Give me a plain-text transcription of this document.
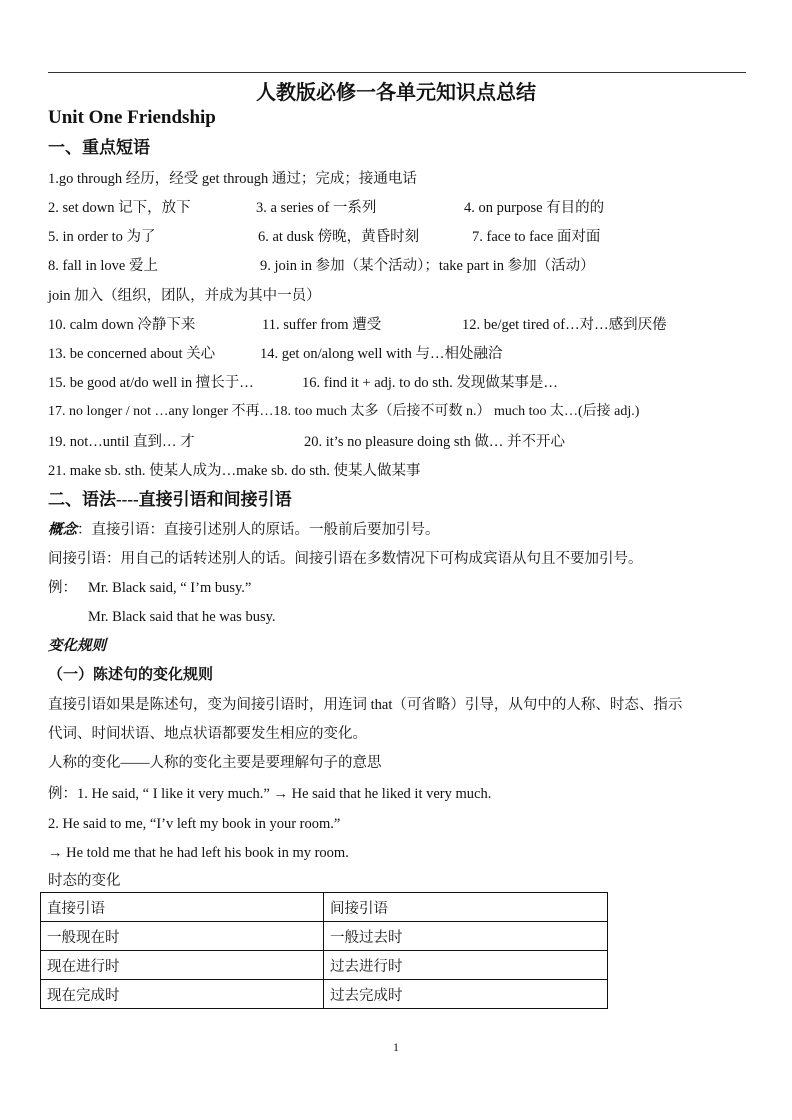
人教版必修一各单元知识点总结
Unit One Friendship
一、重点短语
1.go through 经历，经受 get through 通过；完成；接通电话
2. set down 记下，放下	3. a series of 一系列	4. on purpose 有目的的
5. in order to 为了	6. at dusk 傍晚，黄昏时刻	7. face to face 面对面
8. fall in love 爱上	9. join in 参加（某个活动）；take part in 参加（活动）
join 加入（组织，团队，并成为其中一员）
10. calm down 冷静下来	11. suffer from 遭受	12. be/get tired of…对…感到厌倦
13. be concerned about 关心	14. get on/along well with 与…相处融洽
15. be good at/do well in 擅长于…	16. find it + adj. to do sth. 发现做某事是…
17. no longer / not …any longer 不再…18. too much 太多（后接不可数 n.） much too 太…(后接 adj.)
19. not…until 直到… 才	20. it’s no pleasure doing sth 做… 并不开心
21. make sb. sth. 使某人成为…make sb. do sth. 使某人做某事
二、语法----直接引语和间接引语
概念：直接引语：直接引述别人的原话。一般前后要加引号。
间接引语：用自己的话转述别人的话。间接引语在多数情况下可构成宾语从句且不要加引号。
例： Mr. Black said, “ I’m busy.”
Mr. Black said that he was busy.
变化规则
（一）陈述句的变化规则
直接引语如果是陈述句，变为间接引语时，用连词 that（可省略）引导，从句中的人称、时态、指示
代词、时间状语、地点状语都要发生相应的变化。
人称的变化——人称的变化主要是要理解句子的意思
例：1. He said, “ I like it very much.” → He said that he liked it very much.
2. He said to me, “I’v left my book in your room.”
→ He told me that he had left his book in my room.
时态的变化
直接引语	间接引语
一般现在时	一般过去时
现在进行时	过去进行时
现在完成时	过去完成时
1
